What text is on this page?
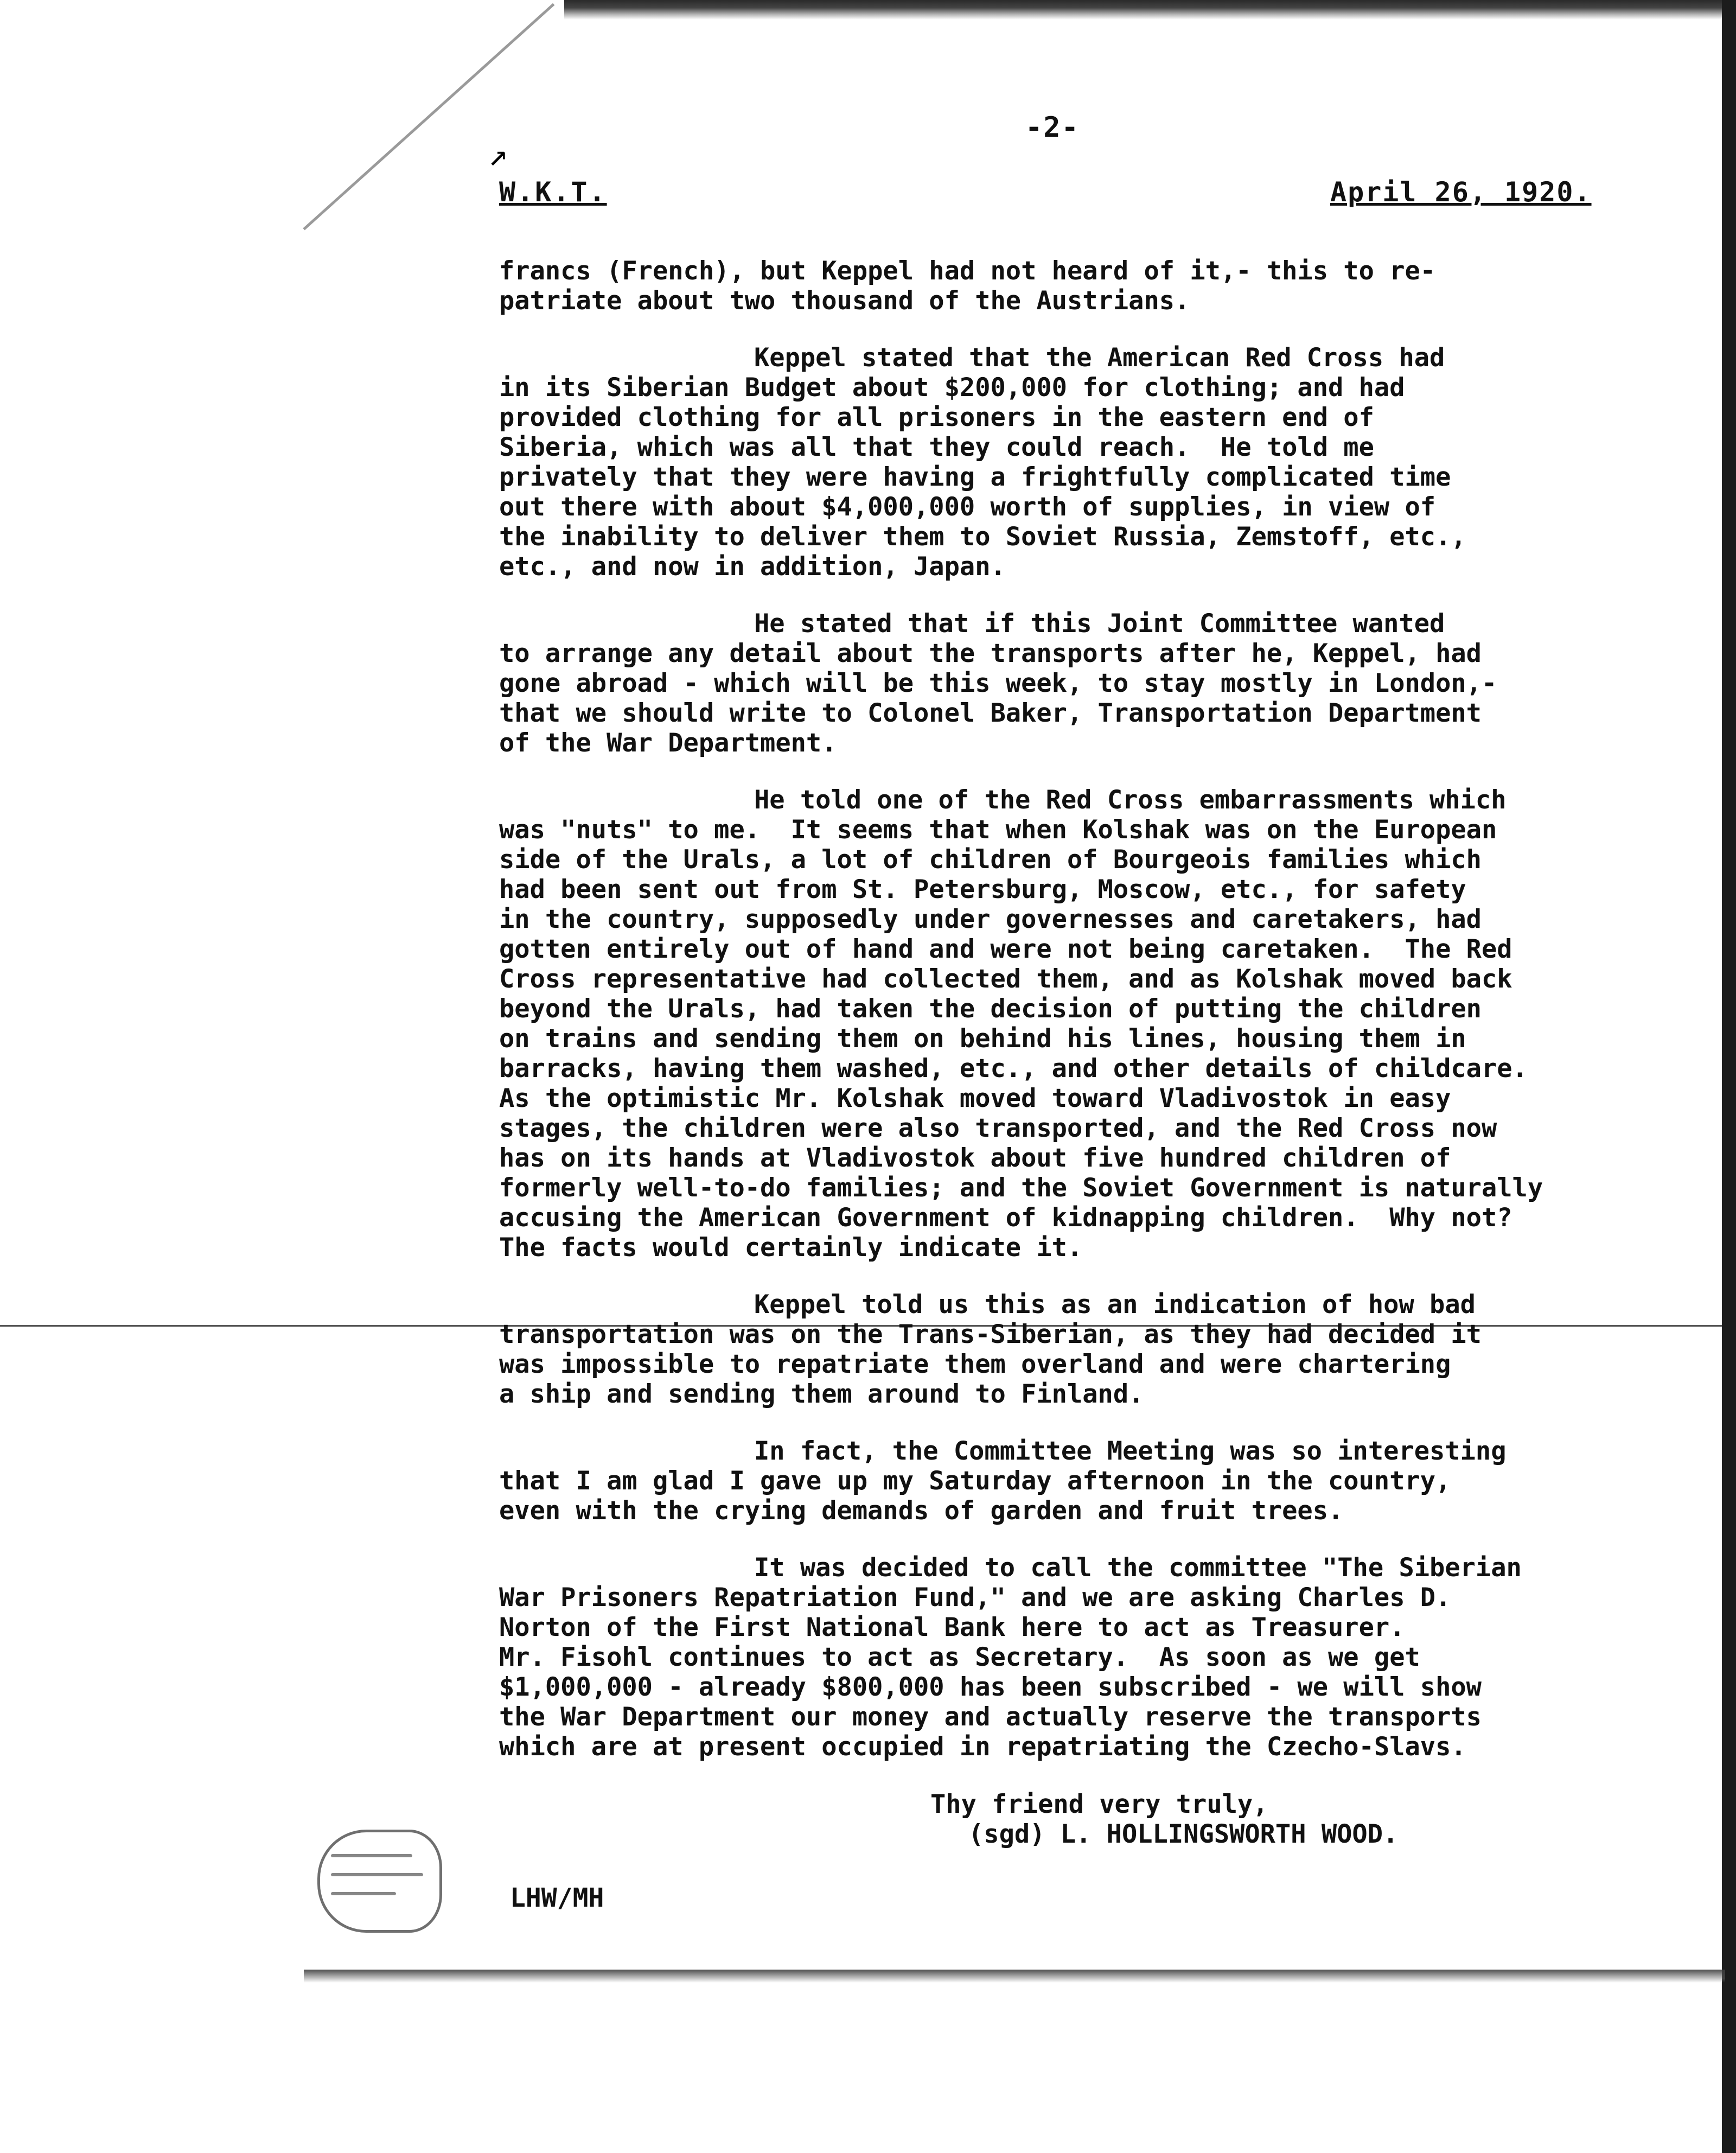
↗
-2-
W.K.T.	April 26, 1920.
francs (French), but Keppel had not heard of it,- this to re-
patriate about two thousand of the Austrians.
Keppel stated that the American Red Cross had
in its Siberian Budget about $200,000 for clothing; and had
provided clothing for all prisoners in the eastern end of
Siberia, which was all that they could reach.  He told me
privately that they were having a frightfully complicated time
out there with about $4,000,000 worth of supplies, in view of
the inability to deliver them to Soviet Russia, Zemstoff, etc.,
etc., and now in addition, Japan.
He stated that if this Joint Committee wanted
to arrange any detail about the transports after he, Keppel, had
gone abroad - which will be this week, to stay mostly in London,-
that we should write to Colonel Baker, Transportation Department
of the War Department.
He told one of the Red Cross embarrassments which
was "nuts" to me.  It seems that when Kolshak was on the European
side of the Urals, a lot of children of Bourgeois families which
had been sent out from St. Petersburg, Moscow, etc., for safety
in the country, supposedly under governesses and caretakers, had
gotten entirely out of hand and were not being caretaken.  The Red
Cross representative had collected them, and as Kolshak moved back
beyond the Urals, had taken the decision of putting the children
on trains and sending them on behind his lines, housing them in
barracks, having them washed, etc., and other details of childcare.
As the optimistic Mr. Kolshak moved toward Vladivostok in easy
stages, the children were also transported, and the Red Cross now
has on its hands at Vladivostok about five hundred children of
formerly well-to-do families; and the Soviet Government is naturally
accusing the American Government of kidnapping children.  Why not?
The facts would certainly indicate it.
Keppel told us this as an indication of how bad
transportation was on the Trans-Siberian, as they had decided it
was impossible to repatriate them overland and were chartering
a ship and sending them around to Finland.
In fact, the Committee Meeting was so interesting
that I am glad I gave up my Saturday afternoon in the country,
even with the crying demands of garden and fruit trees.
It was decided to call the committee "The Siberian
War Prisoners Repatriation Fund," and we are asking Charles D.
Norton of the First National Bank here to act as Treasurer.
Mr. Fisohl continues to act as Secretary.  As soon as we get
$1,000,000 - already $800,000 has been subscribed - we will show
the War Department our money and actually reserve the transports
which are at present occupied in repatriating the Czecho-Slavs.
Thy friend very truly,
(sgd) L. HOLLINGSWORTH WOOD.
LHW/MH
